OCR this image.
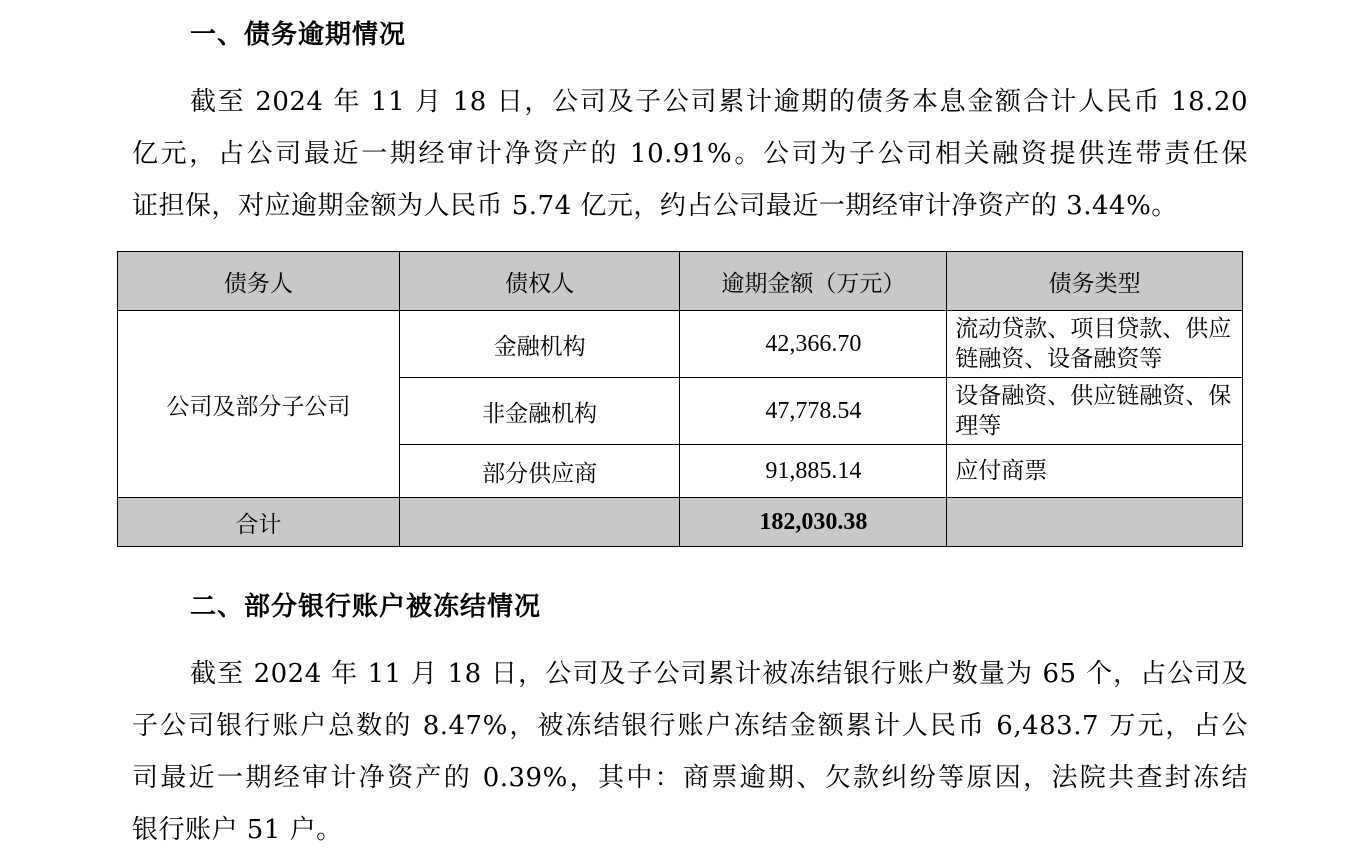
一、债务逾期情况
截至 2024 年 11 月 18 日，公司及子公司累计逾期的债务本息金额合计人民币 18.20
亿元，占公司最近一期经审计净资产的 10.91%。公司为子公司相关融资提供连带责任保
证担保，对应逾期金额为人民币 5.74 亿元，约占公司最近一期经审计净资产的 3.44%。
债务人	债权人	逾期金额（万元）	债务类型
公司及部分子公司	金融机构	42,366.70	流动贷款、项目贷款、供应链融资、设备融资等
	非金融机构	47,778.54	设备融资、供应链融资、保理等
	部分供应商	91,885.14	应付商票
合计		182,030.38	
二、部分银行账户被冻结情况
截至 2024 年 11 月 18 日，公司及子公司累计被冻结银行账户数量为 65 个，占公司及
子公司银行账户总数的 8.47%，被冻结银行账户冻结金额累计人民币 6,483.7 万元，占公
司最近一期经审计净资产的 0.39%，其中：商票逾期、欠款纠纷等原因，法院共查封冻结
银行账户 51 户。
